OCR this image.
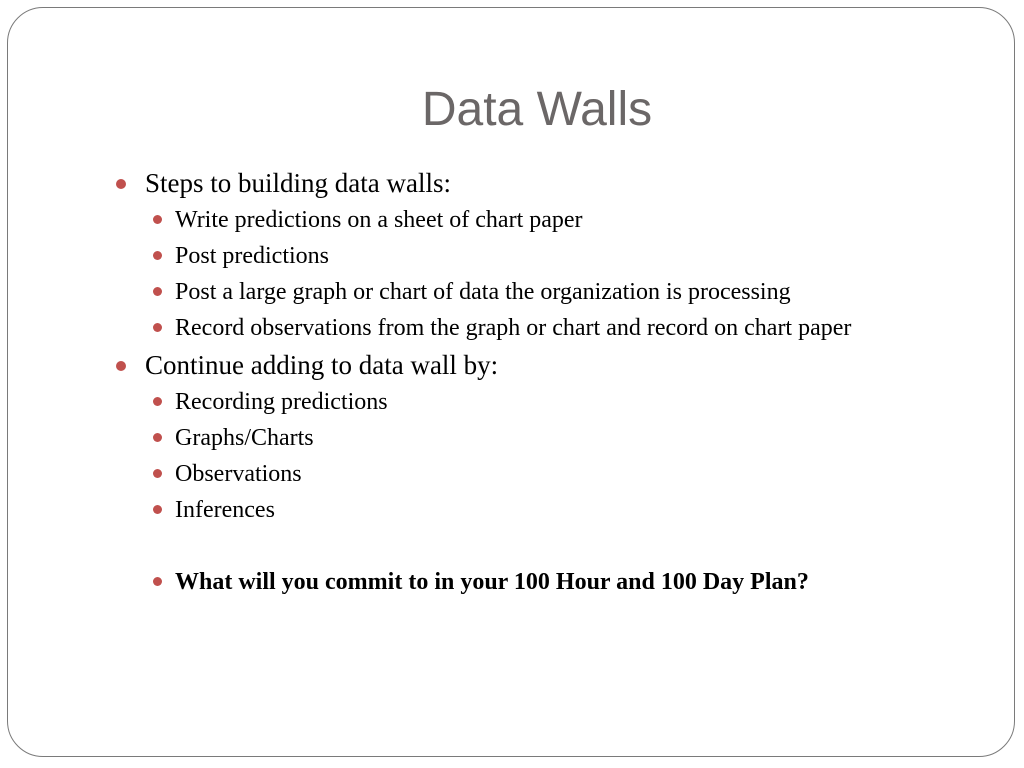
Data Walls
Steps to building data walls:
Write predictions on a sheet of chart paper
Post predictions
Post a large graph or chart of data the organization is processing
Record observations from the graph or chart and record on chart paper
Continue adding to data wall by:
Recording predictions
Graphs/Charts
Observations
Inferences
What will you commit to in your 100 Hour and 100 Day Plan?
